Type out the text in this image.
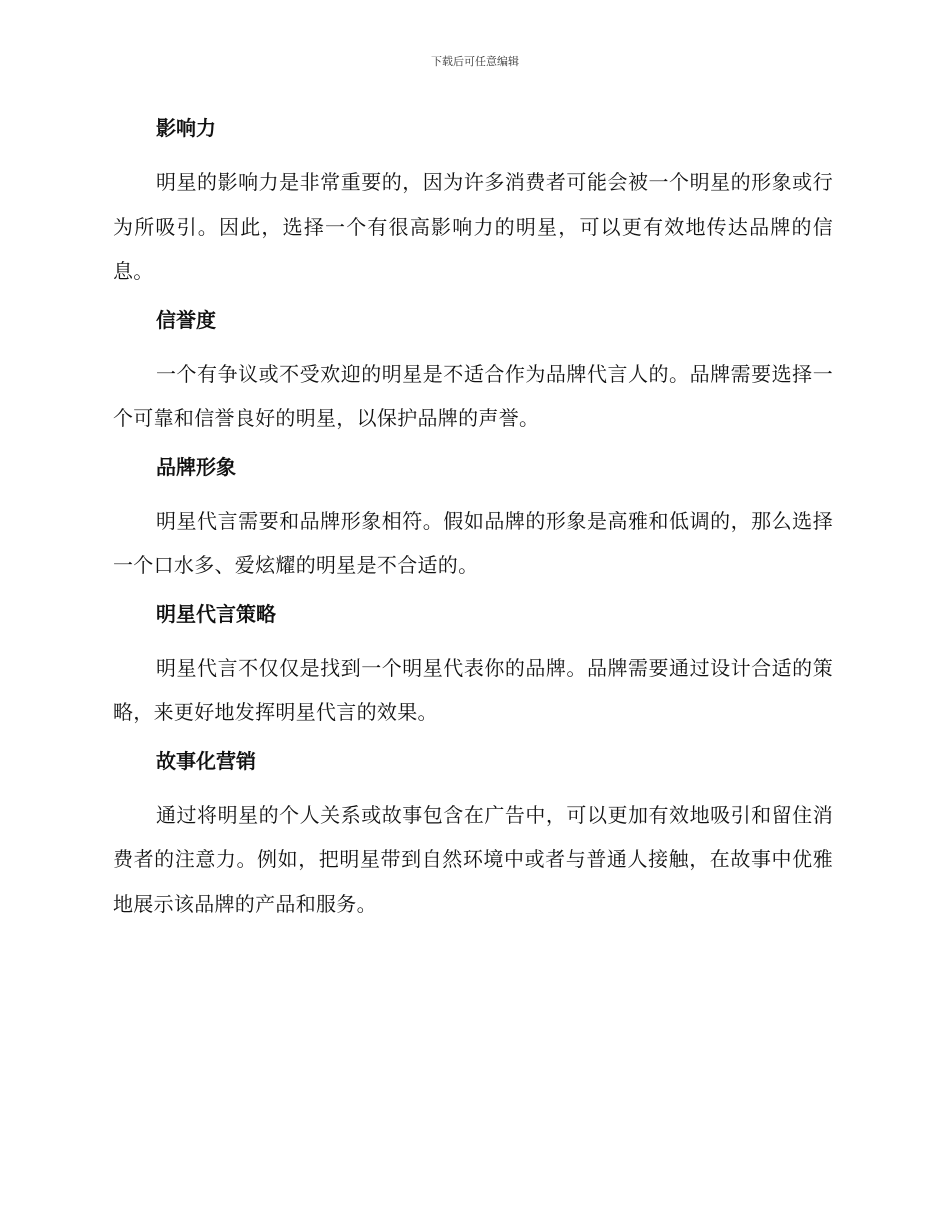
下载后可任意编辑
影响力

明星的影响力是非常重要的，因为许多消费者可能会被一个明星的形象或行为所吸引。因此，选择一个有很高影响力的明星，可以更有效地传达品牌的信息。

信誉度

一个有争议或不受欢迎的明星是不适合作为品牌代言人的。品牌需要选择一个可靠和信誉良好的明星，以保护品牌的声誉。

品牌形象

明星代言需要和品牌形象相符。假如品牌的形象是高雅和低调的，那么选择一个口水多、爱炫耀的明星是不合适的。

明星代言策略

明星代言不仅仅是找到一个明星代表你的品牌。品牌需要通过设计合适的策略，来更好地发挥明星代言的效果。

故事化营销

通过将明星的个人关系或故事包含在广告中，可以更加有效地吸引和留住消费者的注意力。例如，把明星带到自然环境中或者与普通人接触，在故事中优雅地展示该品牌的产品和服务。
